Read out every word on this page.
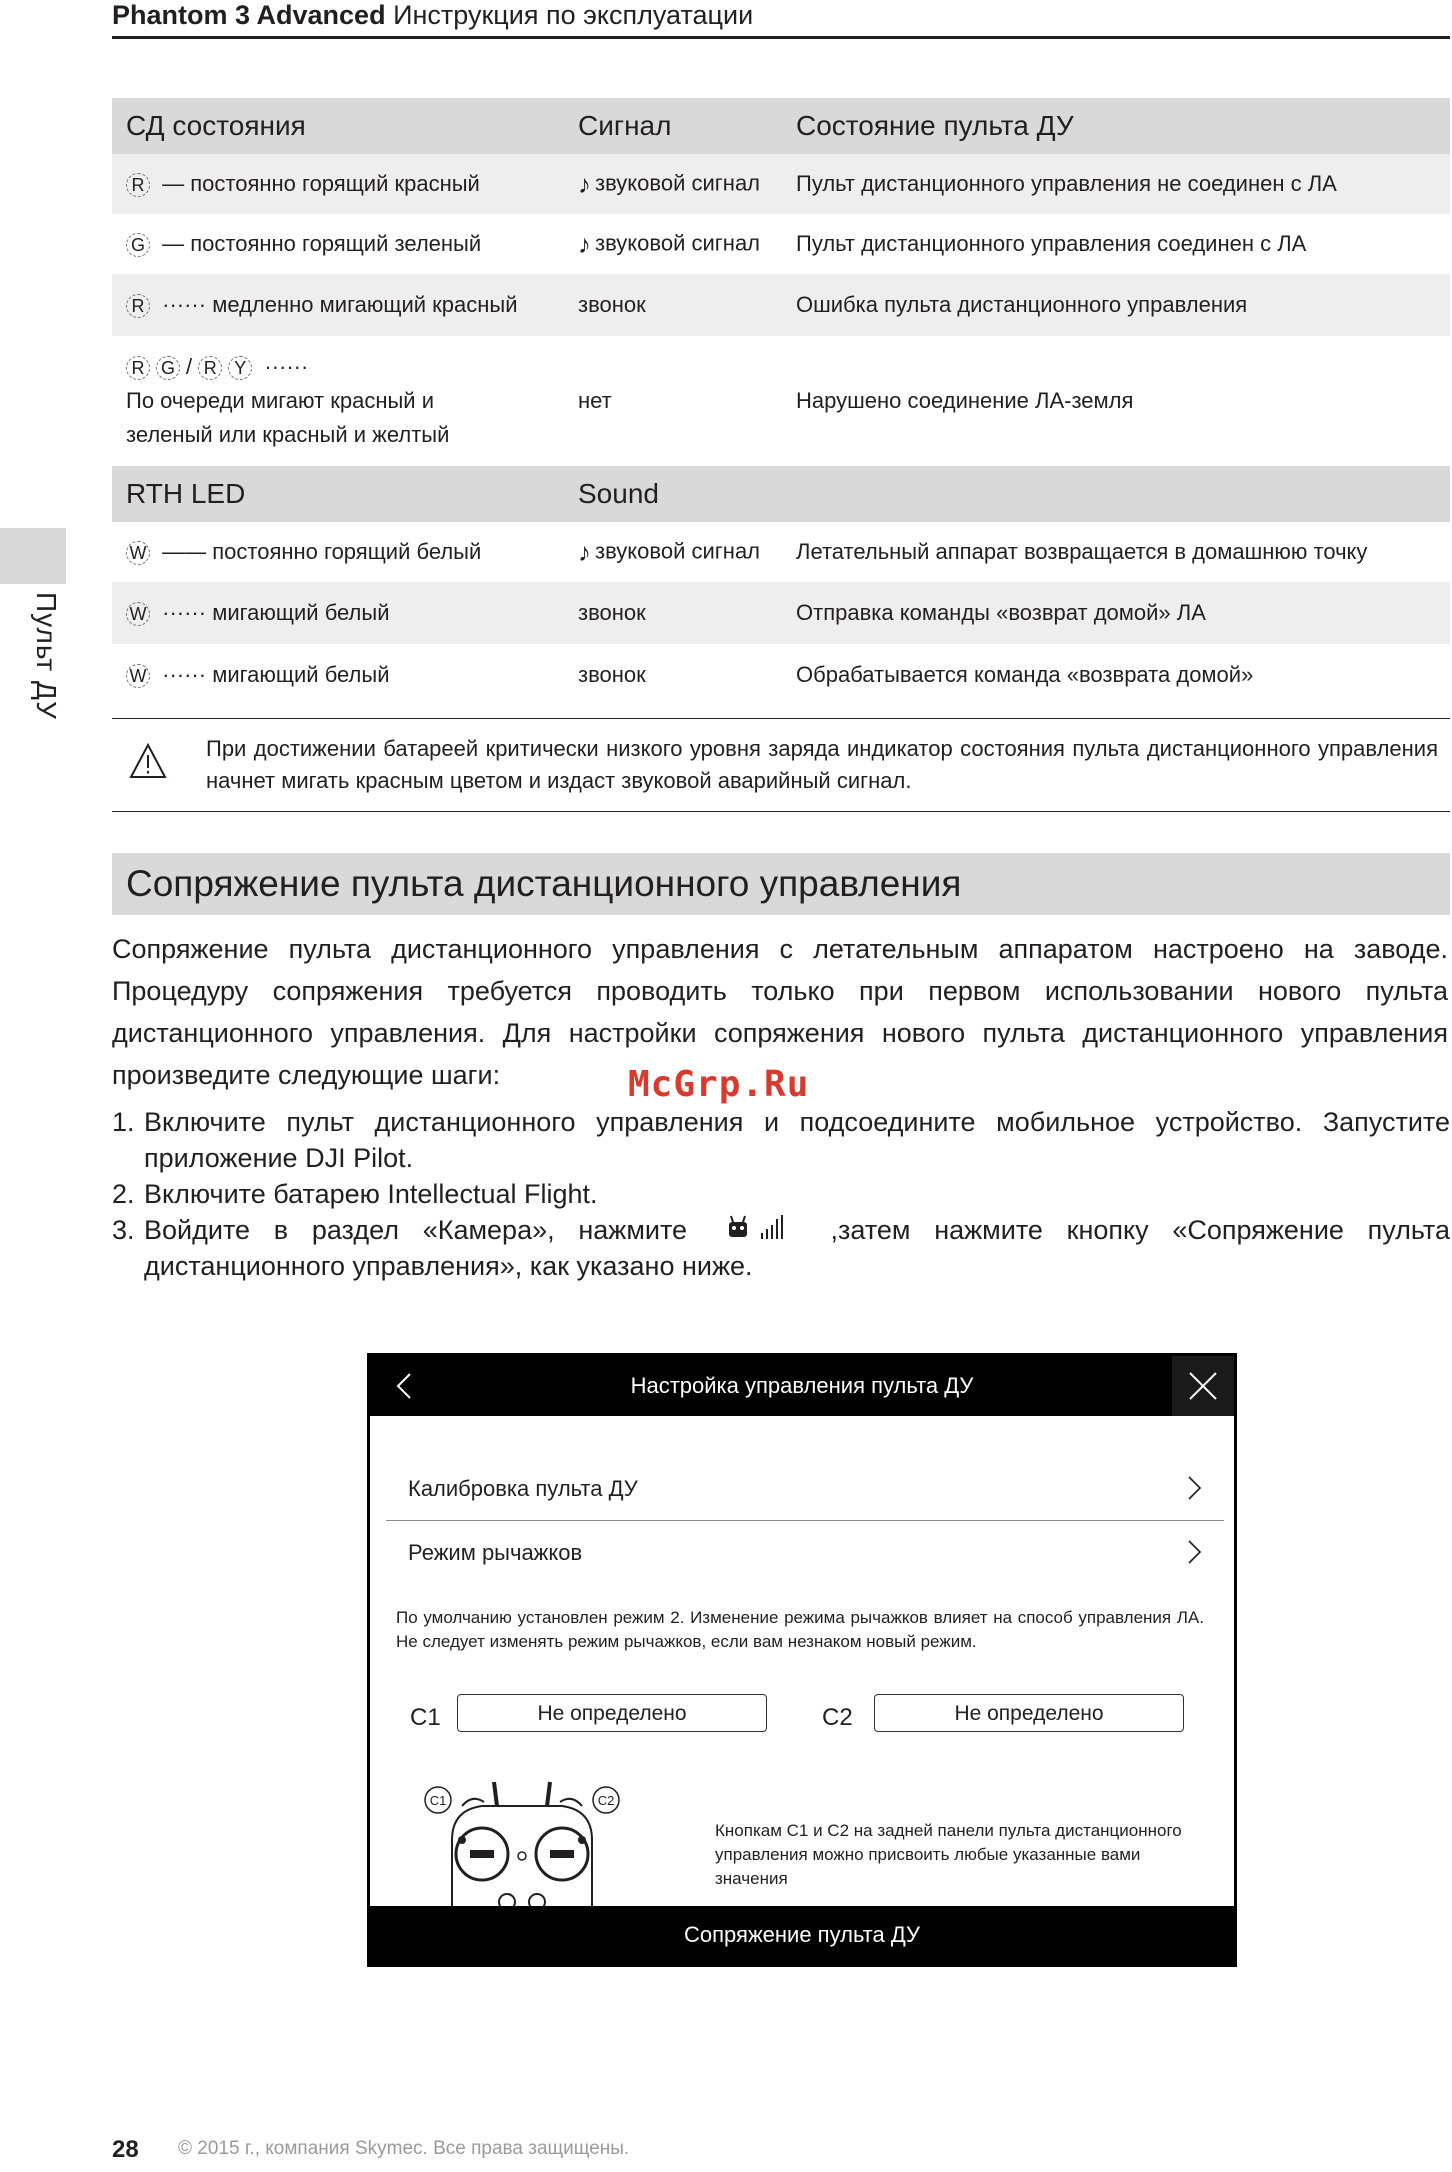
Phantom 3 Advanced Инструкция по эксплуатации
Пульт ДУ
СД состояния	Сигнал	Состояние пульта ДУ
R — постоянно горящий красный	♪ звуковой сигнал	Пульт дистанционного управления не соединен с ЛА
G — постоянно горящий зеленый	♪ звуковой сигнал	Пульт дистанционного управления соединен с ЛА
R ······ медленно мигающий красный	звонок	Ошибка пульта дистанционного управления
R G / R Y ······
По очереди мигают красный и
зеленый или красный и желтый
нет	Нарушено соединение ЛА-земля
RTH LED	Sound
W —— постоянно горящий белый	♪ звуковой сигнал	Летательный аппарат возвращается в домашнюю точку
W ······ мигающий белый	звонок	Отправка команды «возврат домой» ЛА
W ······ мигающий белый	звонок	Обрабатывается команда «возврата домой»
При достижении батареей критически низкого уровня заряда индикатор состояния пульта дистанционного управления начнет мигать красным цветом и издаст звуковой аварийный сигнал.
Сопряжение пульта дистанционного управления
Сопряжение пульта дистанционного управления с летательным аппаратом настроено на заводе. Процедуру сопряжения требуется проводить только при первом использовании нового пульта дистанционного управления. Для настройки сопряжения нового пульта дистанционного управления произведите следующие шаги:
1. Включите пульт дистанционного управления и подсоедините мобильное устройство. Запустите приложение DJI Pilot.
2. Включите батарею Intellectual Flight.
3. Войдите в раздел «Камера», нажмите	,затем нажмите кнопку «Сопряжение пульта дистанционного управления», как указано ниже.
McGrp.Ru
Настройка управления пульта ДУ
Калибровка пульта ДУ
Режим рычажков
По умолчанию установлен режим 2. Изменение режима рычажков влияет на способ управления ЛА. Не следует изменять режим рычажков, если вам незнаком новый режим.
C1	Не определено	C2	Не определено
C1	C2
Кнопкам C1 и C2 на задней панели пульта дистанционного управления можно присвоить любые указанные вами значения
Сопряжение пульта ДУ
28 © 2015 г., компания Skymec. Все права защищены.
